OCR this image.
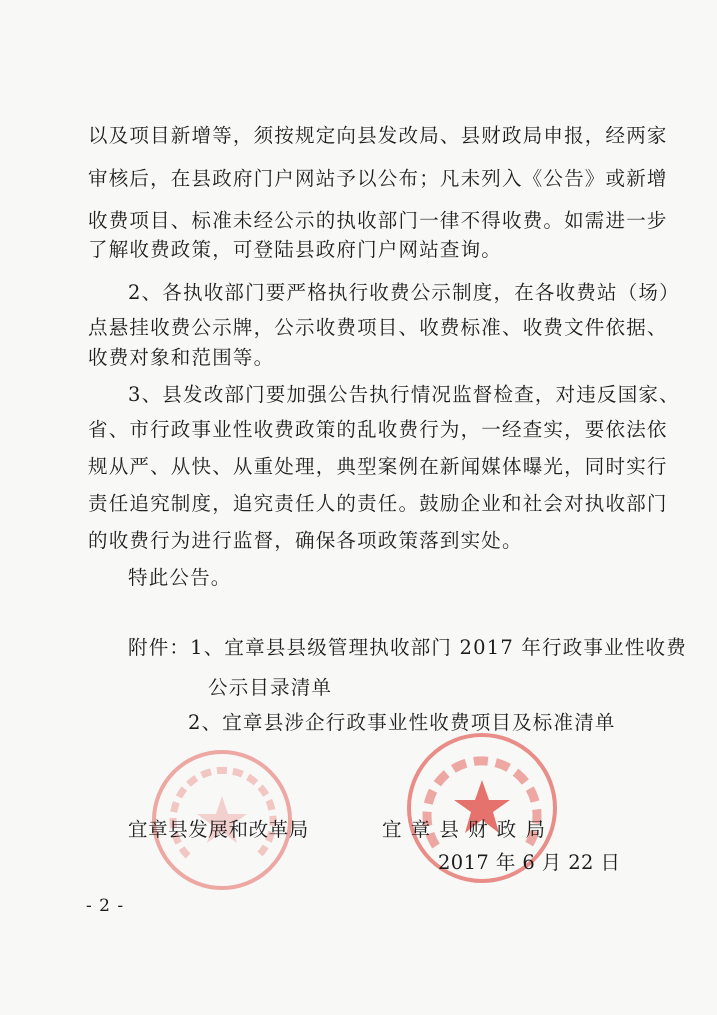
以及项目新增等，须按规定向县发改局、县财政局申报，经两家
审核后，在县政府门户网站予以公布；凡未列入《公告》或新增
收费项目、标准未经公示的执收部门一律不得收费。如需进一步
了解收费政策，可登陆县政府门户网站查询。
2、各执收部门要严格执行收费公示制度，在各收费站（场）
点悬挂收费公示牌，公示收费项目、收费标准、收费文件依据、
收费对象和范围等。
3、县发改部门要加强公告执行情况监督检查，对违反国家、
省、市行政事业性收费政策的乱收费行为，一经查实，要依法依
规从严、从快、从重处理，典型案例在新闻媒体曝光，同时实行
责任追究制度，追究责任人的责任。鼓励企业和社会对执收部门
的收费行为进行监督，确保各项政策落到实处。
特此公告。
附件：1、宜章县县级管理执收部门 2017 年行政事业性收费
公示目录清单
2、宜章县涉企行政事业性收费项目及标准清单
宜章县发展和改革局	宜 章 县 财 政 局
2017 年 6 月 22 日
- 2 -
